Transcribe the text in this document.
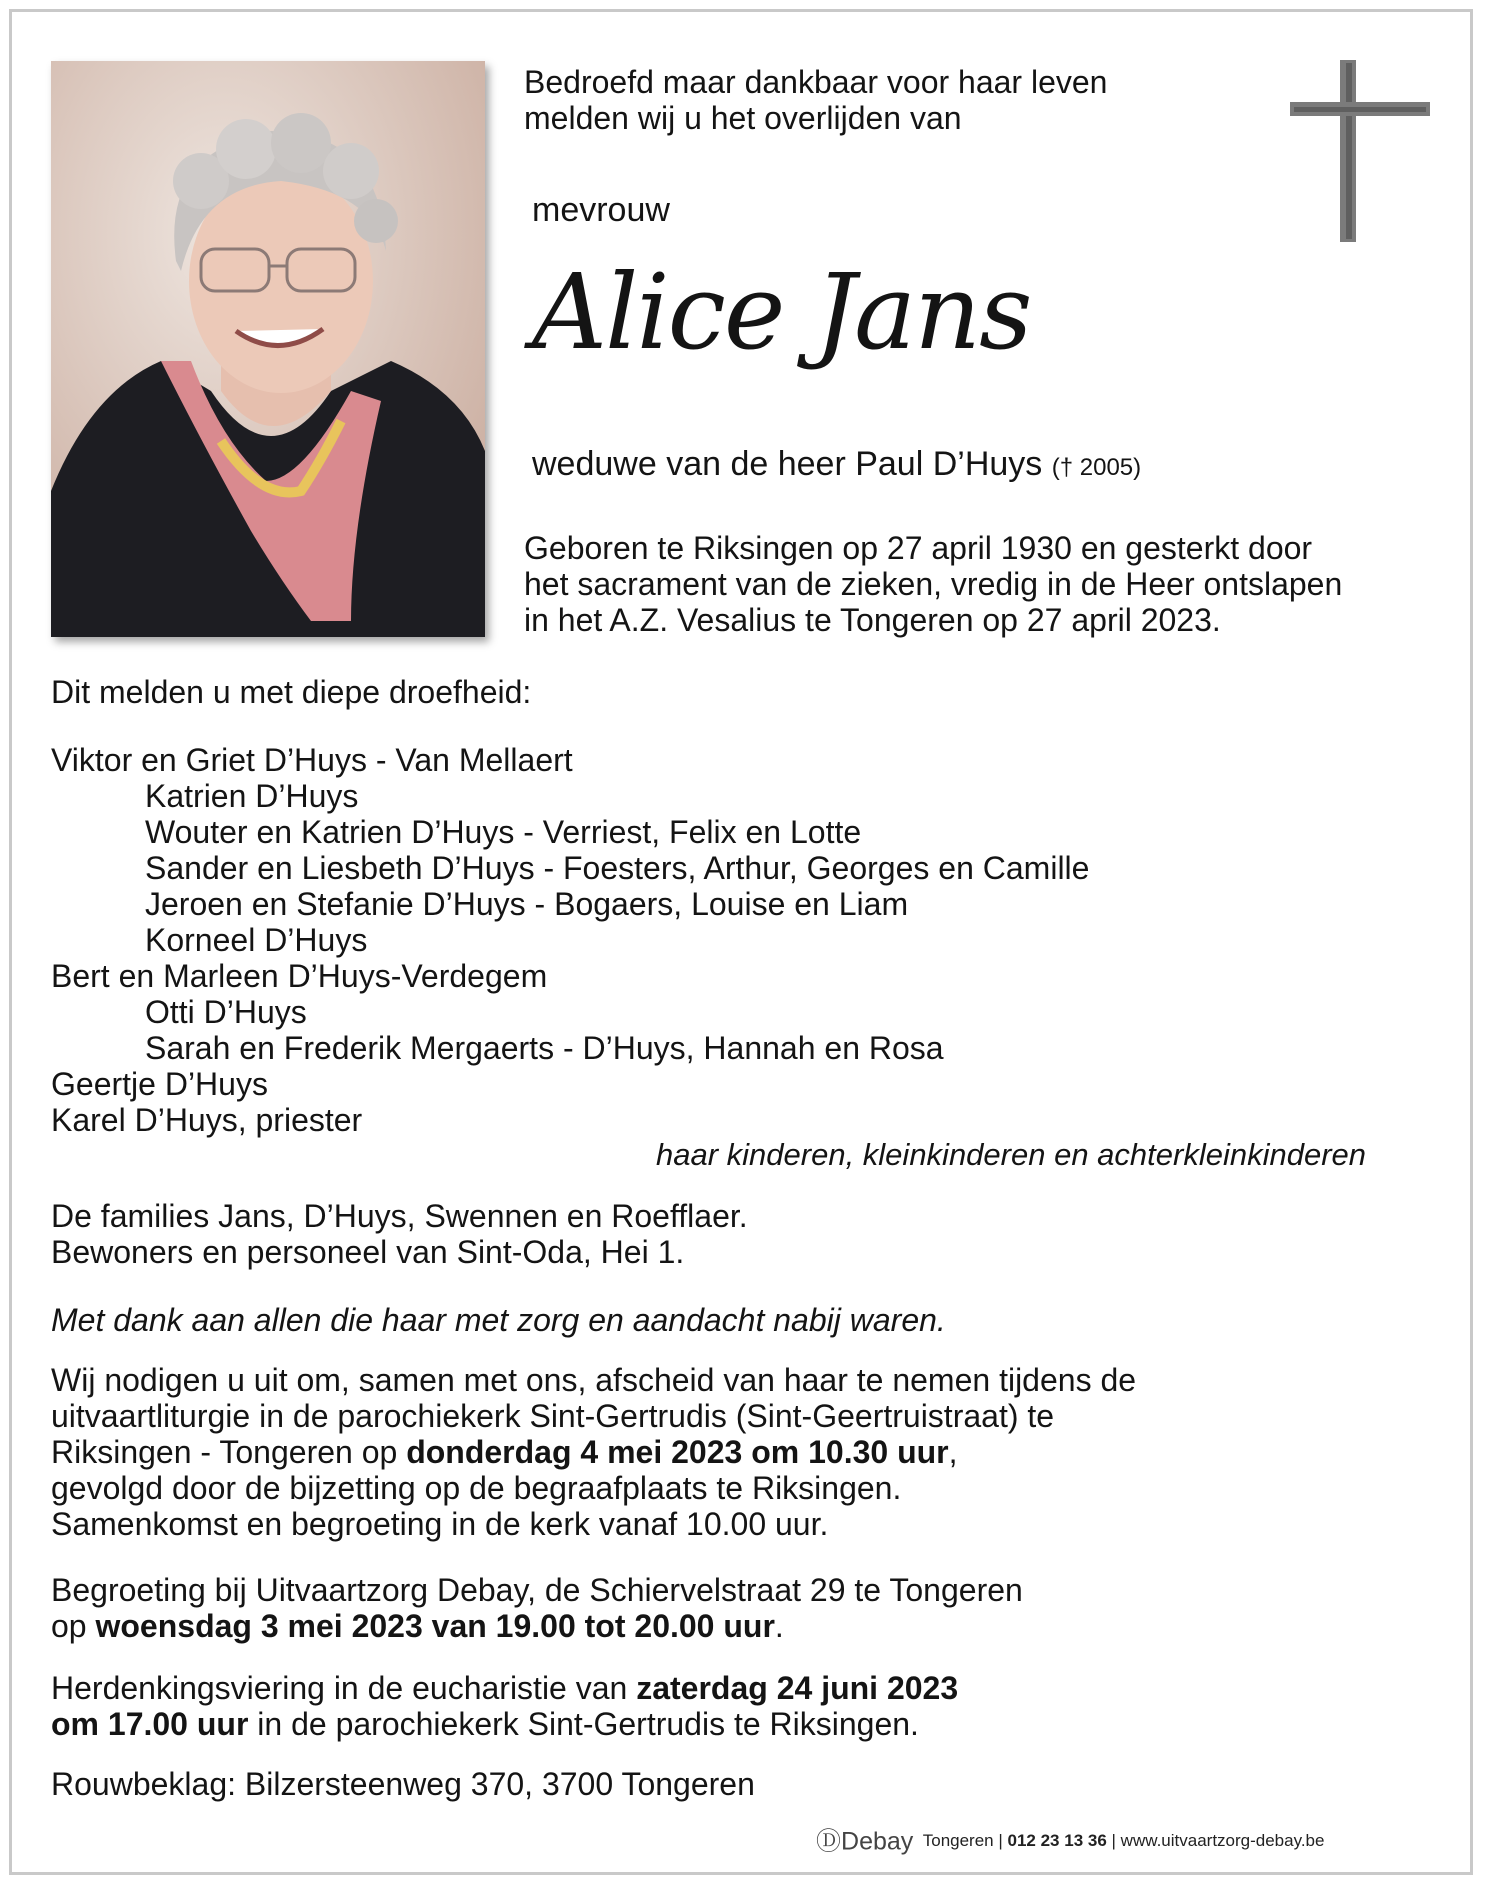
Bedroefd maar dankbaar voor haar leven
melden wij u het overlijden van
mevrouw
Alice Jans
weduwe van de heer Paul D’Huys († 2005)
Geboren te Riksingen op 27 april 1930 en gesterkt door
het sacrament van de zieken, vredig in de Heer ontslapen
in het A.Z. Vesalius te Tongeren op 27 april 2023.
Dit melden u met diepe droefheid:
Viktor en Griet D’Huys - Van Mellaert
Katrien D’Huys
Wouter en Katrien D’Huys - Verriest, Felix en Lotte
Sander en Liesbeth D’Huys - Foesters, Arthur, Georges en Camille
Jeroen en Stefanie D’Huys - Bogaers, Louise en Liam
Korneel D’Huys
Bert en Marleen D’Huys-Verdegem
Otti D’Huys
Sarah en Frederik Mergaerts - D’Huys, Hannah en Rosa
Geertje D’Huys
Karel D’Huys, priester
haar kinderen, kleinkinderen en achterkleinkinderen
De families Jans, D’Huys, Swennen en Roefflaer.
Bewoners en personeel van Sint-Oda, Hei 1.
Met dank aan allen die haar met zorg en aandacht nabij waren.
Wij nodigen u uit om, samen met ons, afscheid van haar te nemen tijdens de
uitvaartliturgie in de parochiekerk Sint-Gertrudis (Sint-Geertruistraat) te
Riksingen - Tongeren op donderdag 4 mei 2023 om 10.30 uur,
gevolgd door de bijzetting op de begraafplaats te Riksingen.
Samenkomst en begroeting in de kerk vanaf 10.00 uur.
Begroeting bij Uitvaartzorg Debay, de Schiervelstraat 29 te Tongeren
op woensdag 3 mei 2023 van 19.00 tot 20.00 uur.
Herdenkingsviering in de eucharistie van zaterdag 24 juni 2023
om 17.00 uur in de parochiekerk Sint-Gertrudis te Riksingen.
Rouwbeklag: Bilzersteenweg 370, 3700 Tongeren
ⒹDebay Tongeren | 012 23 13 36 | www.uitvaartzorg-debay.be
